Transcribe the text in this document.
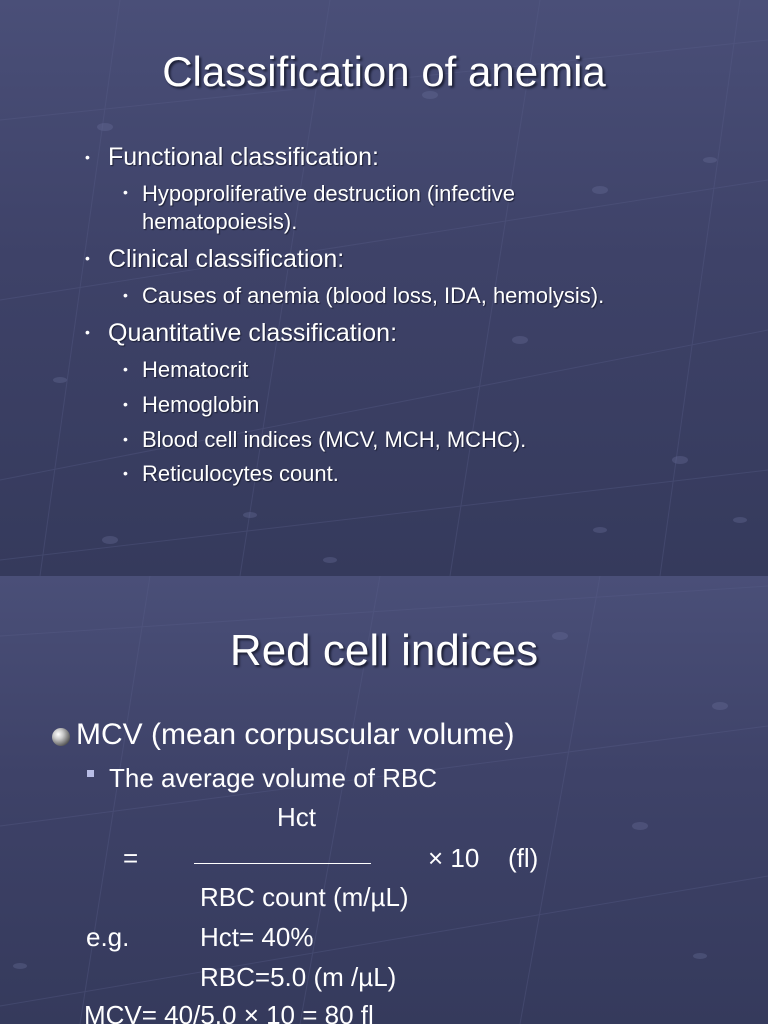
Classification of anemia
• Functional classification:
• Hypoproliferative destruction (infective
hematopoiesis).
• Clinical classification:
• Causes of anemia (blood loss, IDA, hemolysis).
• Quantitative classification:
• Hematocrit
• Hemoglobin
• Blood cell indices (MCV, MCH, MCHC).
• Reticulocytes count.
Red cell indices
MCV (mean corpuscular volume)
The average volume of RBC
Hct
=	× 10 (fl)
RBC count (m/µL)
e.g.	Hct= 40%
RBC=5.0 (m /µL)
MCV= 40/5.0 × 10 = 80 fl
